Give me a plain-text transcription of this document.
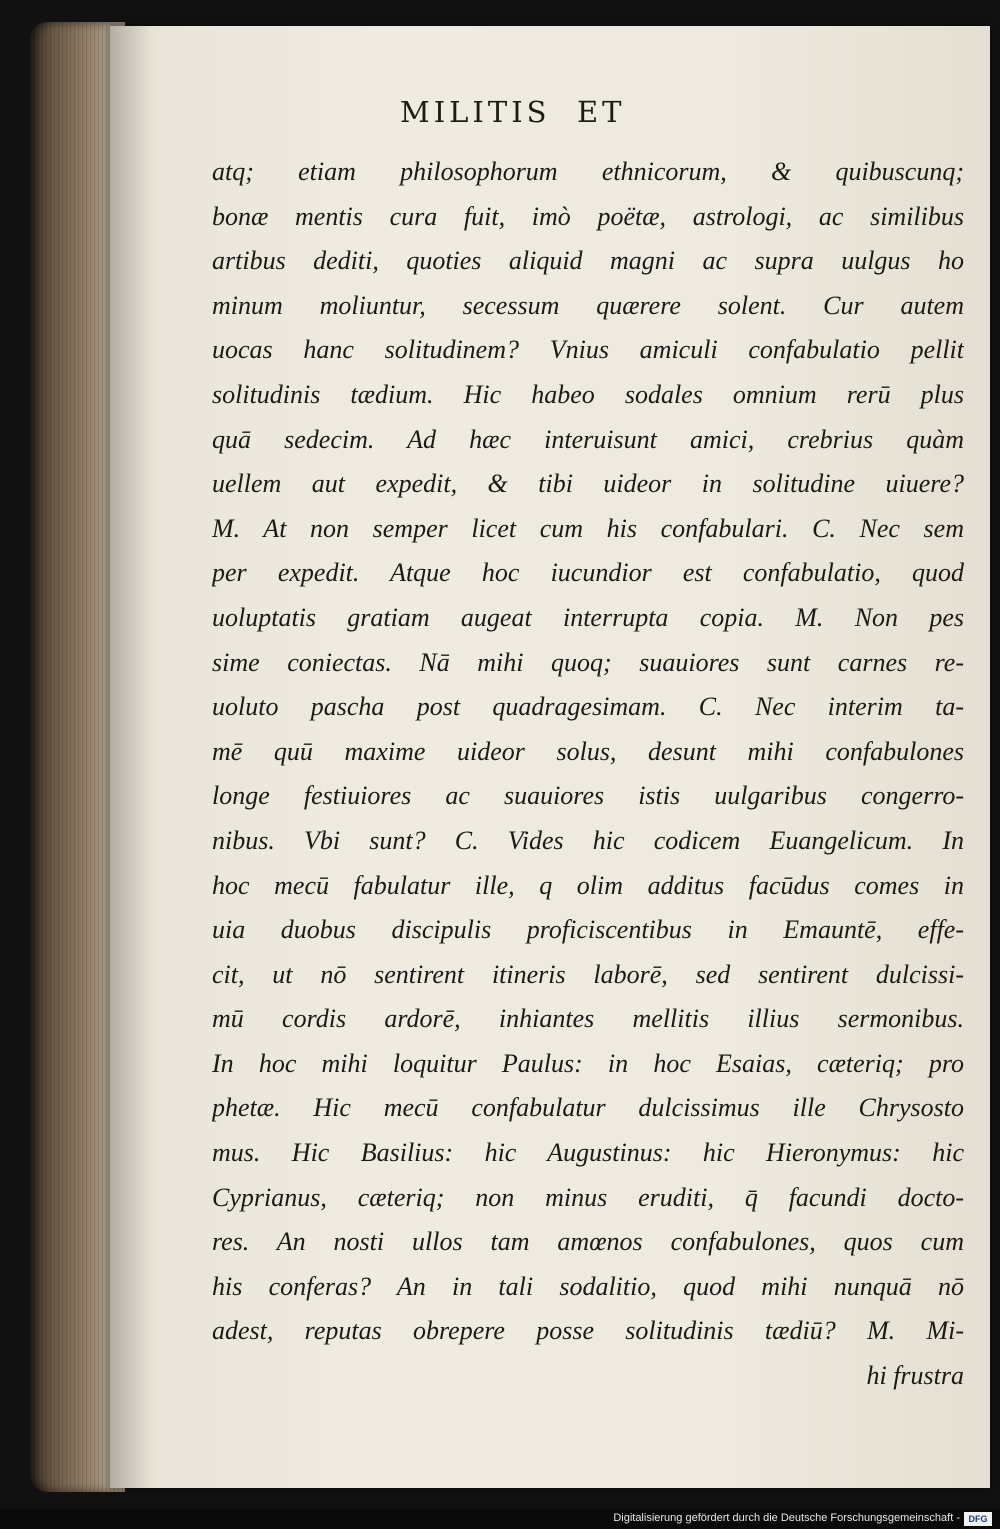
MILITIS  ET
atq; etiam philosophorum ethnicorum, & quibuscunq;
bonæ mentis cura fuit, imò poëtæ, astrologi, ac similibus
artibus dediti, quoties aliquid magni ac supra uulgus ho
minum moliuntur, secessum quærere solent. Cur autem
uocas hanc solitudinem? Vnius amiculi confabulatio pellit
solitudinis tædium. Hic habeo sodales omnium rerū plus
quā sedecim. Ad hæc interuisunt amici, crebrius quàm
uellem aut expedit, & tibi uideor in solitudine uiuere?
M. At non semper licet cum his confabulari. C. Nec sem
per expedit. Atque hoc iucundior est confabulatio, quod
uoluptatis gratiam augeat interrupta copia. M. Non pes
sime coniectas. Nā mihi quoq; suauiores sunt carnes re-
uoluto pascha post quadragesimam. C. Nec interim ta-
mē quū maxime uideor solus, desunt mihi confabulones
longe festiuiores ac suauiores istis uulgaribus congerro-
nibus. Vbi sunt? C. Vides hic codicem Euangelicum. In
hoc mecū fabulatur ille, q olim additus facūdus comes in
uia duobus discipulis proficiscentibus in Emauntē, effe-
cit, ut nō sentirent itineris laborē, sed sentirent dulcissi-
mū cordis ardorē, inhiantes mellitis illius sermonibus.
In hoc mihi loquitur Paulus: in hoc Esaias, cæteriq; pro
phetæ. Hic mecū confabulatur dulcissimus ille Chrysosto
mus. Hic Basilius: hic Augustinus: hic Hieronymus: hic
Cyprianus, cæteriq; non minus eruditi, q̄ facundi docto-
res. An nosti ullos tam amœnos confabulones, quos cum
his conferas? An in tali sodalitio, quod mihi nunquā nō
adest, reputas obrepere posse solitudinis tædiū? M. Mi-
hi frustra
Digitalisierung gefördert durch die Deutsche Forschungsgemeinschaft - DFG
